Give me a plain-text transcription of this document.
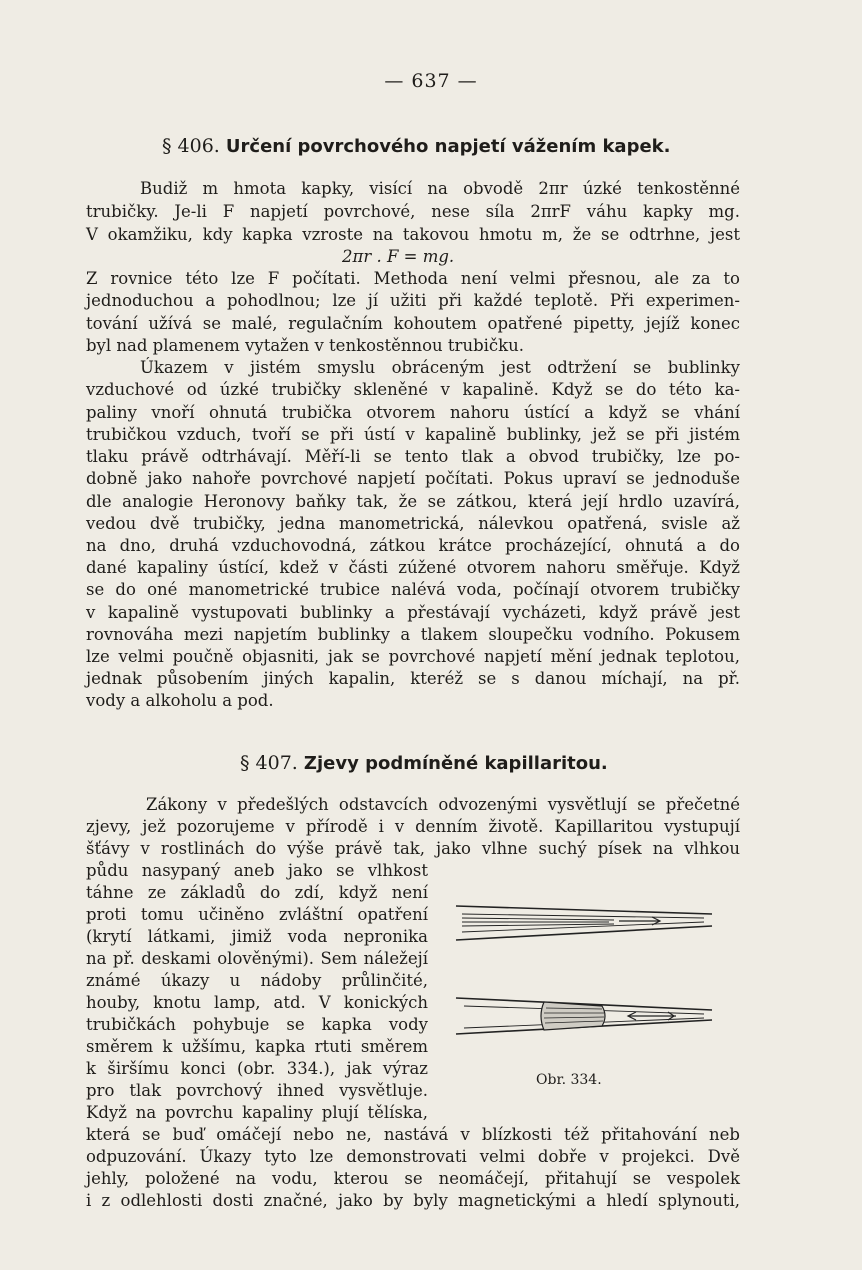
— 637 —
§ 406. Určení povrchového napjetí vážením kapek.
Budiž m hmota kapky, visící na obvodě 2πr úzké tenkostěnné
trubičky. Je-li F napjetí povrchové, nese síla 2πrF váhu kapky mg.
V okamžiku, kdy kapka vzroste na takovou hmotu m, že se odtrhne, jest
2πr . F = mg.
Z rovnice této lze F počítati. Methoda není velmi přesnou, ale za to
jednoduchou a pohodlnou; lze jí užiti při každé teplotě. Při experimen-
tování užívá se malé, regulačním kohoutem opatřené pipetty, jejíž konec
byl nad plamenem vytažen v tenkostěnnou trubičku.
Úkazem v jistém smyslu obráceným jest odtržení se bublinky
vzduchové od úzké trubičky skleněné v kapalině. Když se do této ka-
paliny vnoří ohnutá trubička otvorem nahoru ústící a když se vhání
trubičkou vzduch, tvoří se při ústí v kapalině bublinky, jež se při jistém
tlaku právě odtrhávají. Měří-li se tento tlak a obvod trubičky, lze po-
dobně jako nahoře povrchové napjetí počítati. Pokus upraví se jednoduše
dle analogie Heronovy baňky tak, že se zátkou, která její hrdlo uzavírá,
vedou dvě trubičky, jedna manometrická, nálevkou opatřená, svisle až
na dno, druhá vzduchovodná, zátkou krátce procházející, ohnutá a do
dané kapaliny ústící, kdež v části zúžené otvorem nahoru směřuje. Když
se do oné manometrické trubice nalévá voda, počínají otvorem trubičky
v kapalině vystupovati bublinky a přestávají vycházeti, když právě jest
rovnováha mezi napjetím bublinky a tlakem sloupečku vodního. Pokusem
lze velmi poučně objasniti, jak se povrchové napjetí mění jednak teplotou,
jednak působením jiných kapalin, kteréž se s danou míchají, na př.
vody a alkoholu a pod.
§ 407. Zjevy podmíněné kapillaritou.
Zákony v předešlých odstavcích odvozenými vysvětlují se přečetné
zjevy, jež pozorujeme v přírodě i v denním životě. Kapillaritou vystupují
šťávy v rostlinách do výše právě tak, jako vlhne suchý písek na vlhkou
půdu nasypaný aneb jako se vlhkost
táhne ze základů do zdí, když není
proti tomu učiněno zvláštní opatření
(krytí látkami, jimiž voda nepronika
na př. deskami olověnými). Sem náležejí
známé úkazy u nádoby průlinčité,
houby, knotu lamp, atd. V konických
trubičkách pohybuje se kapka vody
směrem k užšímu, kapka rtuti směrem
k širšímu konci (obr. 334.), jak výraz
pro tlak povrchový ihned vysvětluje.
Když na povrchu kapaliny plují tělíska,
která se buď omáčejí nebo ne, nastává v blízkosti též přitahování neb
odpuzování. Úkazy tyto lze demonstrovati velmi dobře v projekci. Dvě
jehly, položené na vodu, kterou se neomáčejí, přitahují se vespolek
i z odlehlosti dosti značné, jako by byly magnetickými a hledí splynouti,
Obr. 334.
